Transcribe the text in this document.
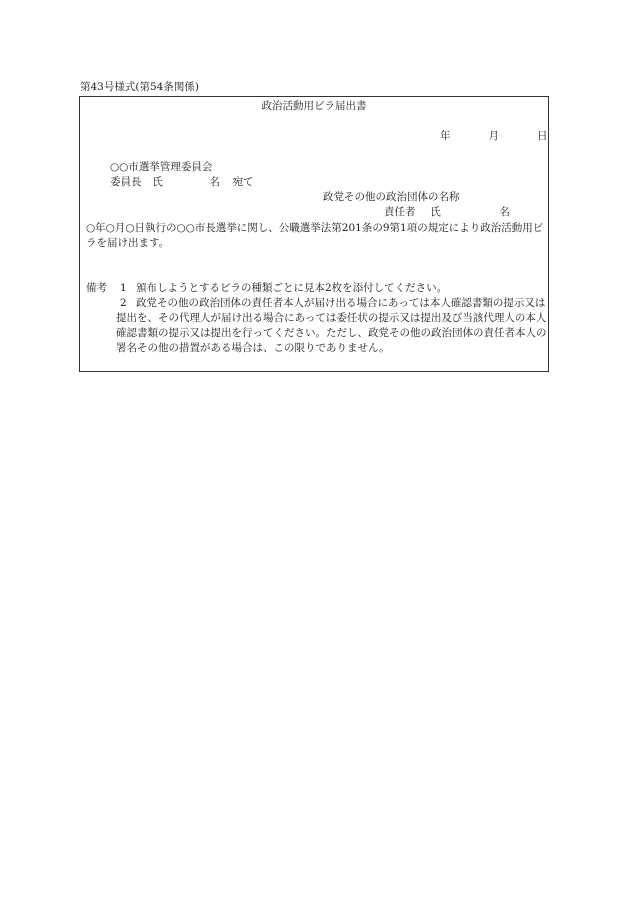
第43号様式(第54条関係)
政治活動用ビラ届出書
年	月	日
○○市選挙管理委員会
委員長 氏	名 宛て
政党その他の政治団体の名称
責任者 氏	名
○年○月○日執行の○○市長選挙に関し、公職選挙法第201条の9第1項の規定により政治活動用ビラを届け出ます。
備考 1 頒布しようとするビラの種類ごとに見本2枚を添付してください。
2 政党その他の政治団体の責任者本人が届け出る場合にあっては本人確認書類の提示又は提出を、その代理人が届け出る場合にあっては委任状の提示又は提出及び当該代理人の本人確認書類の提示又は提出を行ってください。ただし、政党その他の政治団体の責任者本人の署名その他の措置がある場合は、この限りでありません。
